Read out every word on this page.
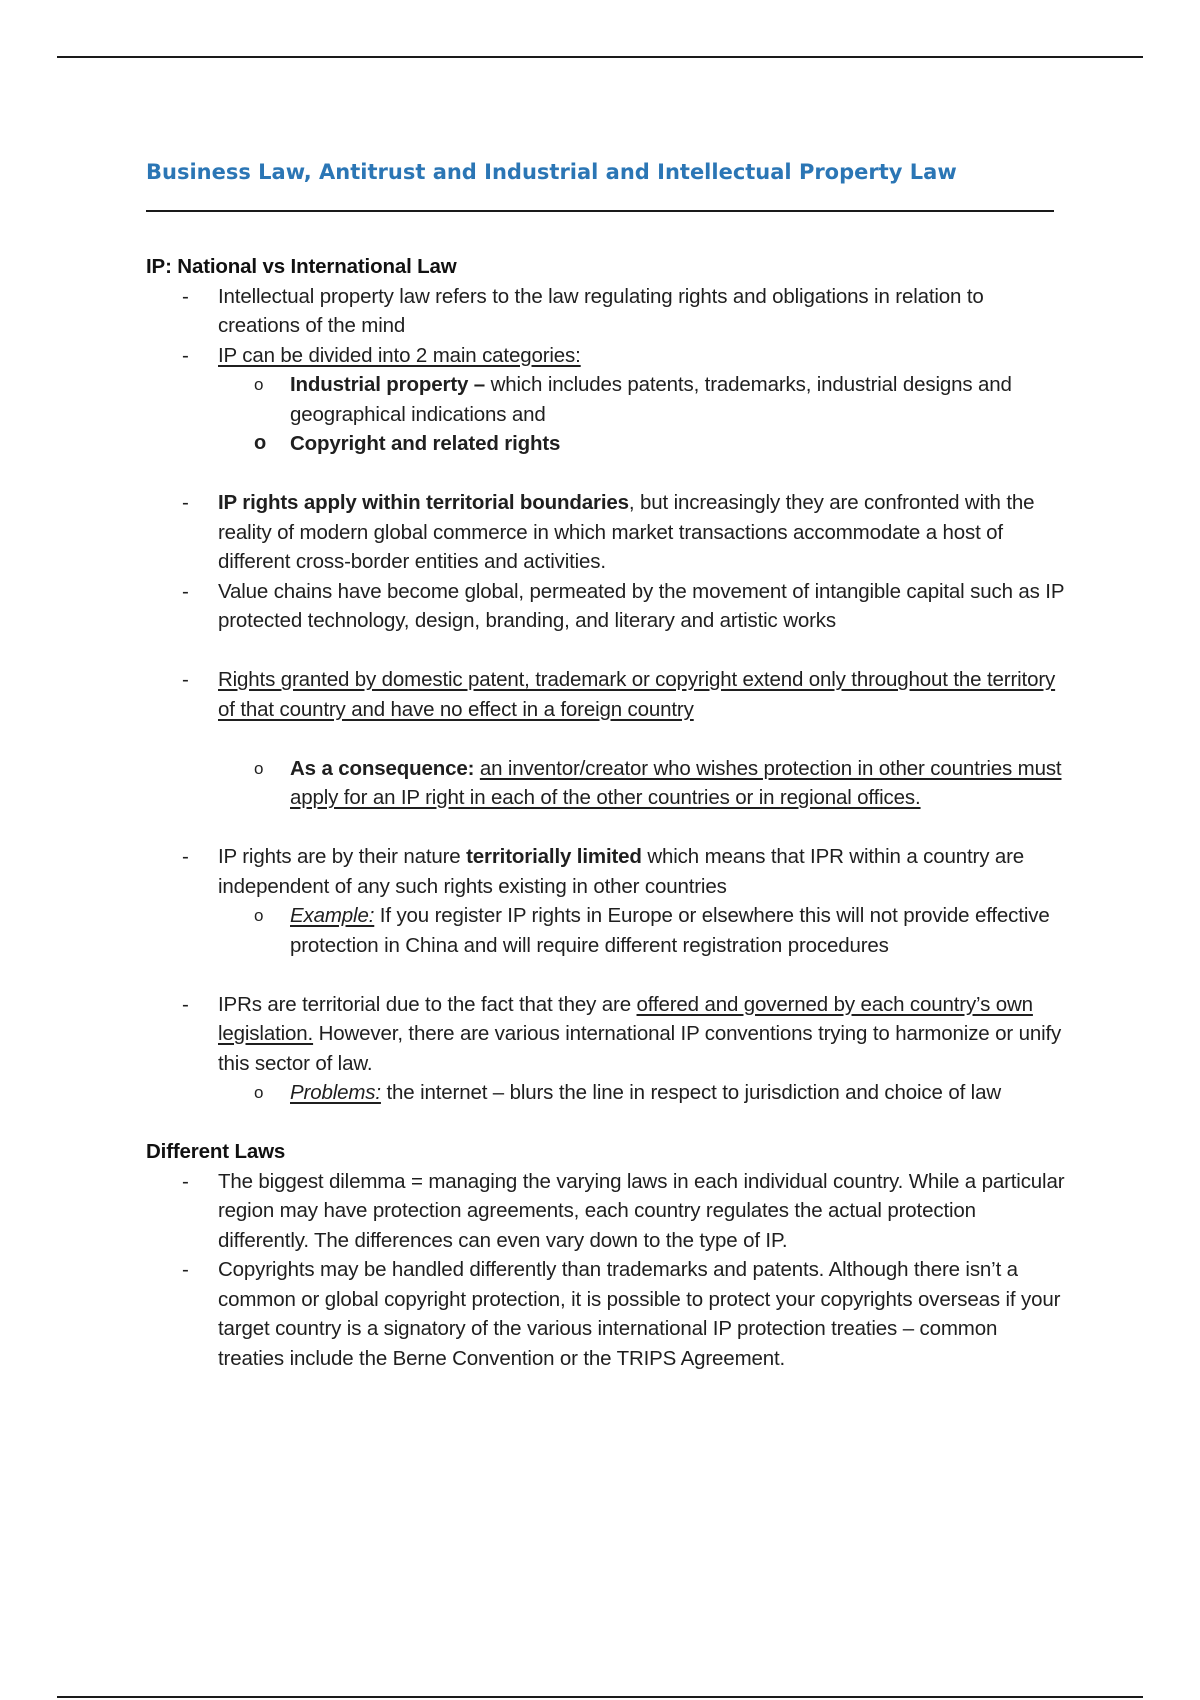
Business Law, Antitrust and Industrial and Intellectual Property Law

IP: National vs International Law

- Intellectual property law refers to the law regulating rights and obligations in relation to creations of the mind

- IP can be divided into 2 main categories:

o Industrial property – which includes patents, trademarks, industrial designs and geographical indications and

o Copyright and related rights

- IP rights apply within territorial boundaries, but increasingly they are confronted with the reality of modern global commerce in which market transactions accommodate a host of different cross-border entities and activities.

- Value chains have become global, permeated by the movement of intangible capital such as IP protected technology, design, branding, and literary and artistic works

- Rights granted by domestic patent, trademark or copyright extend only throughout the territory of that country and have no effect in a foreign country

o As a consequence: an inventor/creator who wishes protection in other countries must apply for an IP right in each of the other countries or in regional offices.

- IP rights are by their nature territorially limited which means that IPR within a country are independent of any such rights existing in other countries

o Example: If you register IP rights in Europe or elsewhere this will not provide effective protection in China and will require different registration procedures

- IPRs are territorial due to the fact that they are offered and governed by each country’s own legislation. However, there are various international IP conventions trying to harmonize or unify this sector of law.

o Problems: the internet – blurs the line in respect to jurisdiction and choice of law

Different Laws

- The biggest dilemma = managing the varying laws in each individual country. While a particular region may have protection agreements, each country regulates the actual protection differently. The differences can even vary down to the type of IP.

- Copyrights may be handled differently than trademarks and patents. Although there isn’t a common or global copyright protection, it is possible to protect your copyrights overseas if your target country is a signatory of the various international IP protection treaties – common treaties include the Berne Convention or the TRIPS Agreement.
